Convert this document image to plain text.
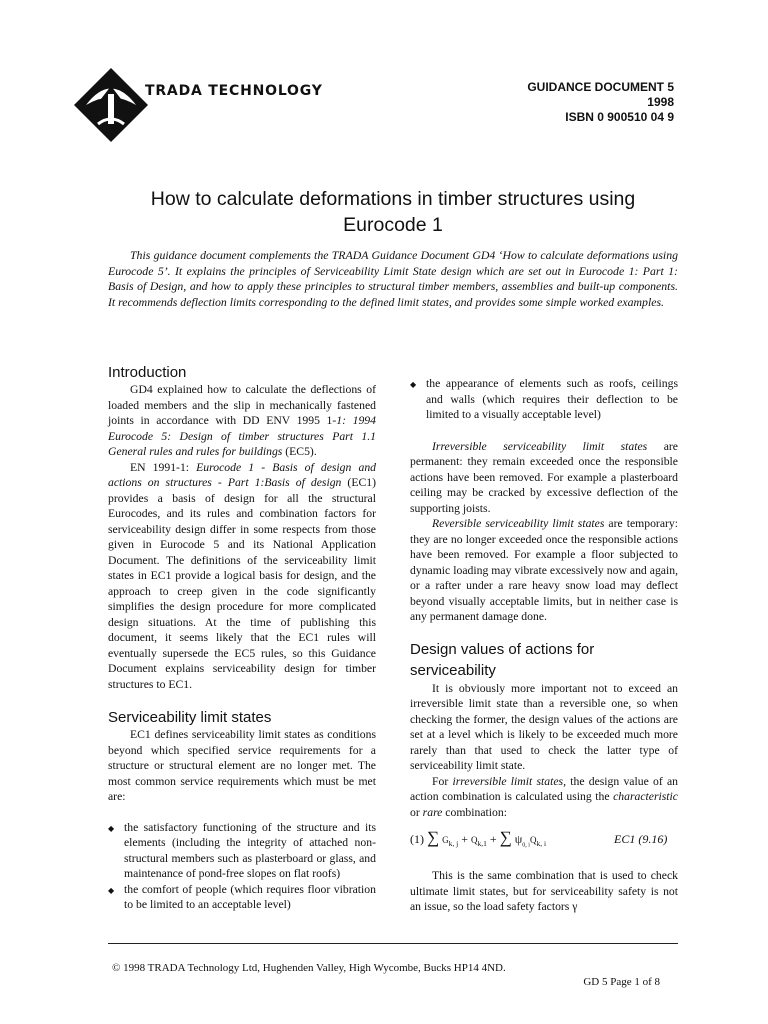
TRADA TECHNOLOGY	GUIDANCE DOCUMENT 5
1998
ISBN 0 900510 04 9
How to calculate deformations in timber structures using
Eurocode 1

This guidance document complements the TRADA Guidance Document GD4 ‘How to calculate deformations using Eurocode 5’. It explains the principles of Serviceability Limit State design which are set out in Eurocode 1: Part 1: Basis of Design, and how to apply these principles to structural timber members, assemblies and built-up components. It recommends deflection limits corresponding to the defined limit states, and provides some simple worked examples.

Introduction

GD4 explained how to calculate the deflections of loaded members and the slip in mechanically fastened joints in accordance with DD ENV 1995 1-1: 1994 Eurocode 5: Design of timber structures Part 1.1 General rules and rules for buildings (EC5).

EN 1991-1: Eurocode 1 - Basis of design and actions on structures - Part 1:Basis of design (EC1) provides a basis of design for all the structural Eurocodes, and its rules and combination factors for serviceability design differ in some respects from those given in Eurocode 5 and its National Application Document. The definitions of the serviceability limit states in EC1 provide a logical basis for design, and the approach to creep given in the code significantly simplifies the design procedure for more complicated design situations. At the time of publishing this document, it seems likely that the EC1 rules will eventually supersede the EC5 rules, so this Guidance Document explains serviceability design for timber structures to EC1.

Serviceability limit states

EC1 defines serviceability limit states as conditions beyond which specified service requirements for a structure or structural element are no longer met. The most common service requirements which must be met are:

◆ the satisfactory functioning of the structure and its elements (including the integrity of attached non-structural members such as plasterboard or glass, and maintenance of pond-free slopes on flat roofs)
◆ the comfort of people (which requires floor vibration to be limited to an acceptable level)
◆ the appearance of elements such as roofs, ceilings and walls (which requires their deflection to be limited to a visually acceptable level)

Irreversible serviceability limit states are permanent: they remain exceeded once the responsible actions have been removed. For example a plasterboard ceiling may be cracked by excessive deflection of the supporting joists.

Reversible serviceability limit states are temporary: they are no longer exceeded once the responsible actions have been removed. For example a floor subjected to dynamic loading may vibrate excessively now and again, or a rafter under a rare heavy snow load may deflect beyond visually acceptable limits, but in neither case is any permanent damage done.

Design values of actions for
serviceability

It is obviously more important not to exceed an irreversible limit state than a reversible one, so when checking the former, the design values of the actions are set at a level which is likely to be exceeded much more rarely than that used to check the latter type of serviceability limit state.

For irreversible limit states, the design value of an action combination is calculated using the characteristic or rare combination:

(1) ∑ $G_{k, j} + Q_{k,1}$ + ∑ $\psi_{0, i}Q_{k, i}$	EC1 (9.16)

This is the same combination that is used to check ultimate limit states, but for serviceability safety is not an issue, so the load safety factors γ

© 1998 TRADA Technology Ltd, Hughenden Valley, High Wycombe, Bucks HP14 4ND.
GD 5 Page 1 of 8
